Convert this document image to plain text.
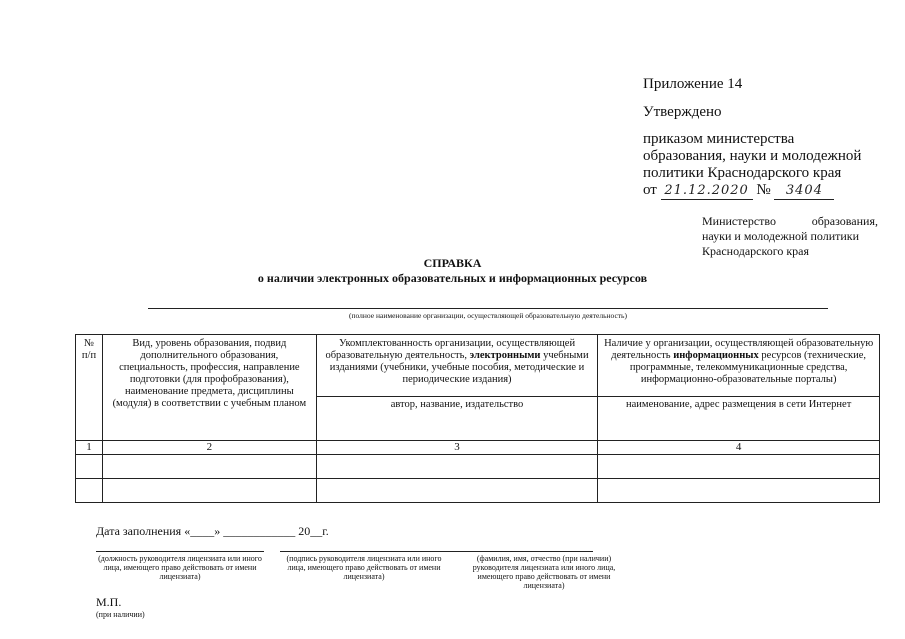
Приложение 14
Утверждено
приказом министерства
образования, науки и молодежной
политики Краснодарского края
от 21.12.2020 № 3404
Министерство образования,
науки и молодежной политики
Краснодарского края
СПРАВКА
о наличии электронных образовательных и информационных ресурсов
(полное наименование организации, осуществляющей образовательную деятельность)
№ п/п	Вид, уровень образования, подвид дополнительного образования, специальность, профессия, направление подготовки (для профобразования), наименование предмета, дисциплины (модуля) в соответствии с учебным планом	Укомплектованность организации, осуществляющей образовательную деятельность, электронными учебными изданиями (учебники, учебные пособия, методические и периодические издания)	Наличие у организации, осуществляющей образовательную деятельность информационных ресурсов (технические, программные, телекоммуникационные средства, информационно-образовательные порталы)
		автор, название, издательство	наименование, адрес размещения в сети Интернет
1	2	3	4

Дата заполнения «____» ____________ 20__г.
(должность руководителя лицензиата или иного лица, имеющего право действовать от имени лицензиата)
(подпись руководителя лицензиата или иного лица, имеющего право действовать от имени лицензиата)
(фамилия, имя, отчество (при наличии) руководителя лицензиата или иного лица, имеющего право действовать от имени лицензиата)
М.П.
(при наличии)
